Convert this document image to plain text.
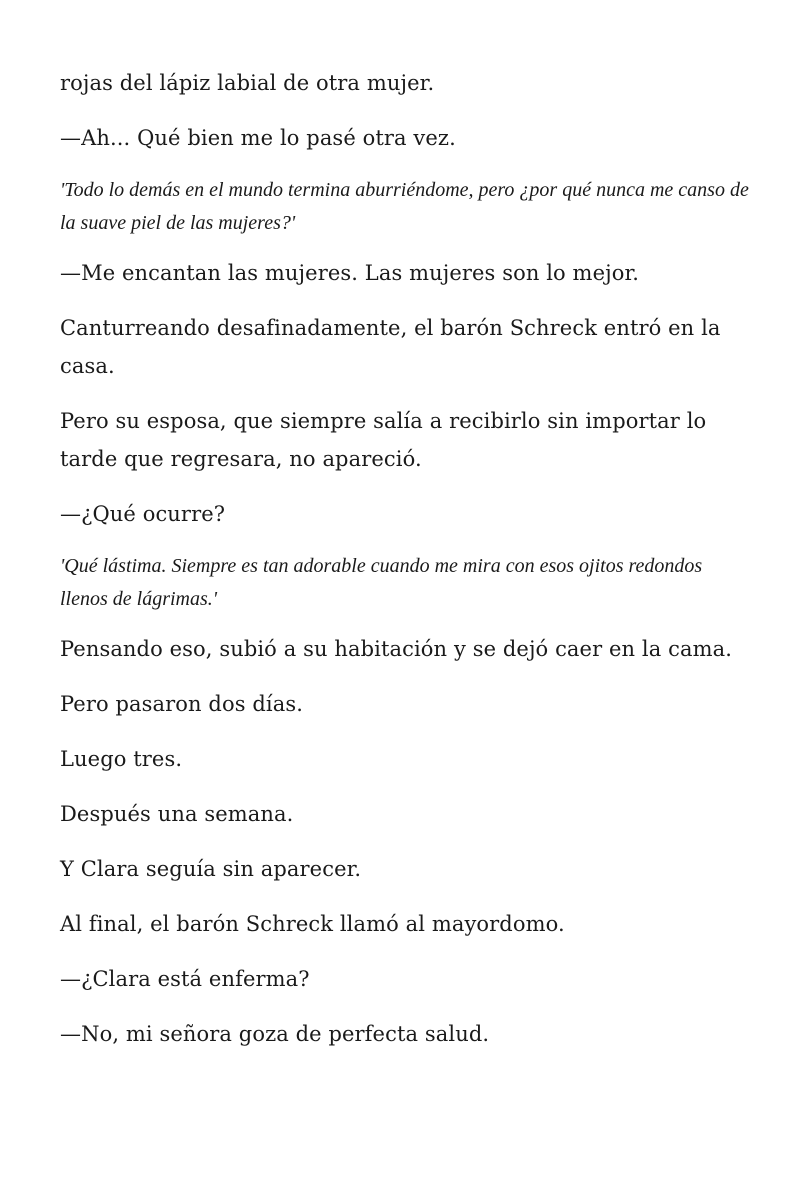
rojas del lápiz labial de otra mujer.

—Ah... Qué bien me lo pasé otra vez.

'Todo lo demás en el mundo termina aburriéndome, pero ¿por qué nunca me canso de la suave piel de las mujeres?'

—Me encantan las mujeres. Las mujeres son lo mejor.

Canturreando desafinadamente, el barón Schreck entró en la casa.

Pero su esposa, que siempre salía a recibirlo sin importar lo tarde que regresara, no apareció.

—¿Qué ocurre?

'Qué lástima. Siempre es tan adorable cuando me mira con esos ojitos redondos llenos de lágrimas.'

Pensando eso, subió a su habitación y se dejó caer en la cama.

Pero pasaron dos días.

Luego tres.

Después una semana.

Y Clara seguía sin aparecer.

Al final, el barón Schreck llamó al mayordomo.

—¿Clara está enferma?

—No, mi señora goza de perfecta salud.
